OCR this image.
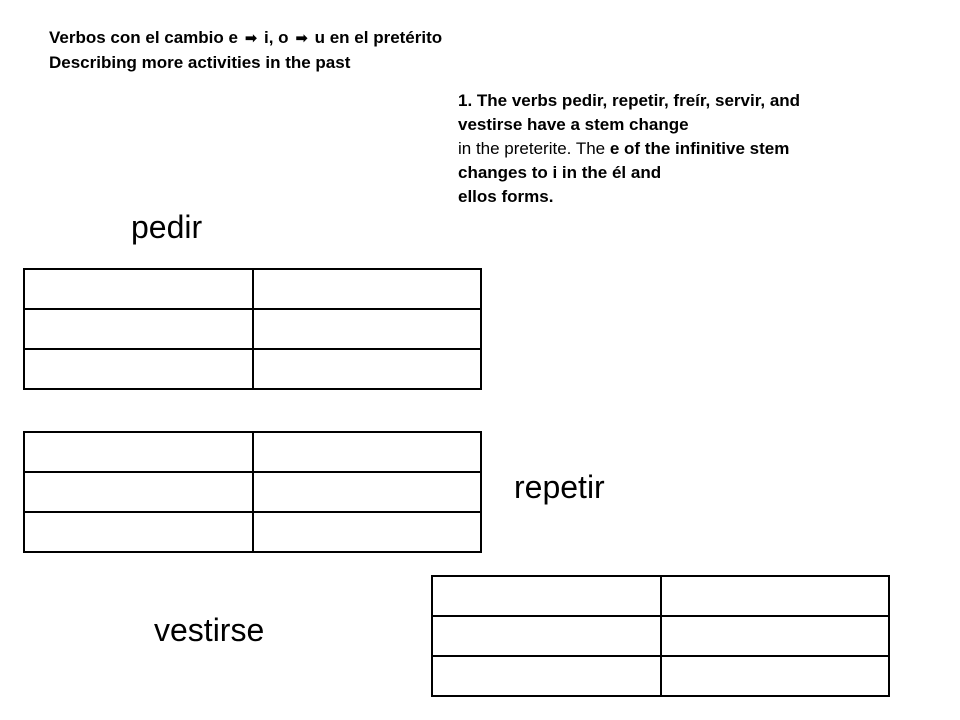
Verbos con el cambio e ➡ i, o ➡ u en el pretérito
Describing more activities in the past
1. The verbs pedir, repetir, freír, servir, and
vestirse have a stem change
in the preterite. The e of the infinitive stem
changes to i in the él and
ellos forms.
pedir

repetir
vestirse
